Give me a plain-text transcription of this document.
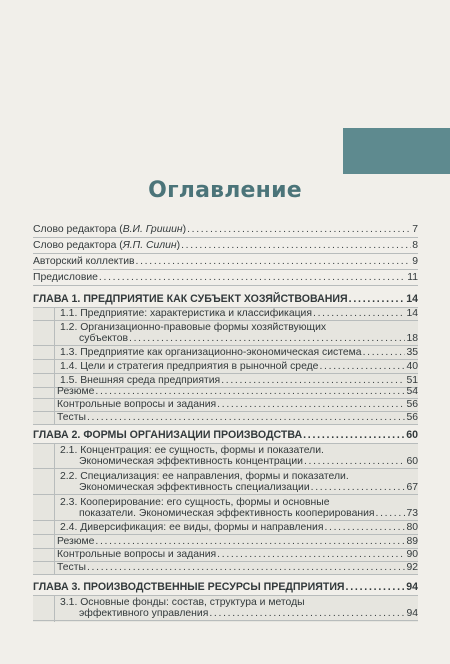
Оглавление
Слово редактора (В.И. Гришин) . . .	7
Слово редактора (Я.П. Силин) . . .	8
Авторский коллектив . . .	9
Предисловие . . .	11
ГЛАВА 1. ПРЕДПРИЯТИЕ КАК СУБЪЕКТ ХОЗЯЙСТВОВАНИЯ . . .	14
1.1. Предприятие: характеристика и классификация . . .	14
1.2. Организационно-правовые формы хозяйствующих
субъектов . . .	18
1.3. Предприятие как организационно-экономическая система . . .	35
1.4. Цели и стратегия предприятия в рыночной среде . . .	40
1.5. Внешняя среда предприятия . . .	51
Резюме . . .	54
Контрольные вопросы и задания . . .	56
Тесты . . .	56
ГЛАВА 2. ФОРМЫ ОРГАНИЗАЦИИ ПРОИЗВОДСТВА . . .	60
2.1. Концентрация: ее сущность, формы и показатели.
Экономическая эффективность концентрации . . .	60
2.2. Специализация: ее направления, формы и показатели.
Экономическая эффективность специализации . . .	67
2.3. Кооперирование: его сущность, формы и основные
показатели. Экономическая эффективность кооперирования . . .	73
2.4. Диверсификация: ее виды, формы и направления . . .	80
Резюме . . .	89
Контрольные вопросы и задания . . .	90
Тесты . . .	92
ГЛАВА 3. ПРОИЗВОДСТВЕННЫЕ РЕСУРСЫ ПРЕДПРИЯТИЯ . . .	94
3.1. Основные фонды: состав, структура и методы
эффективного управления . . .	94
